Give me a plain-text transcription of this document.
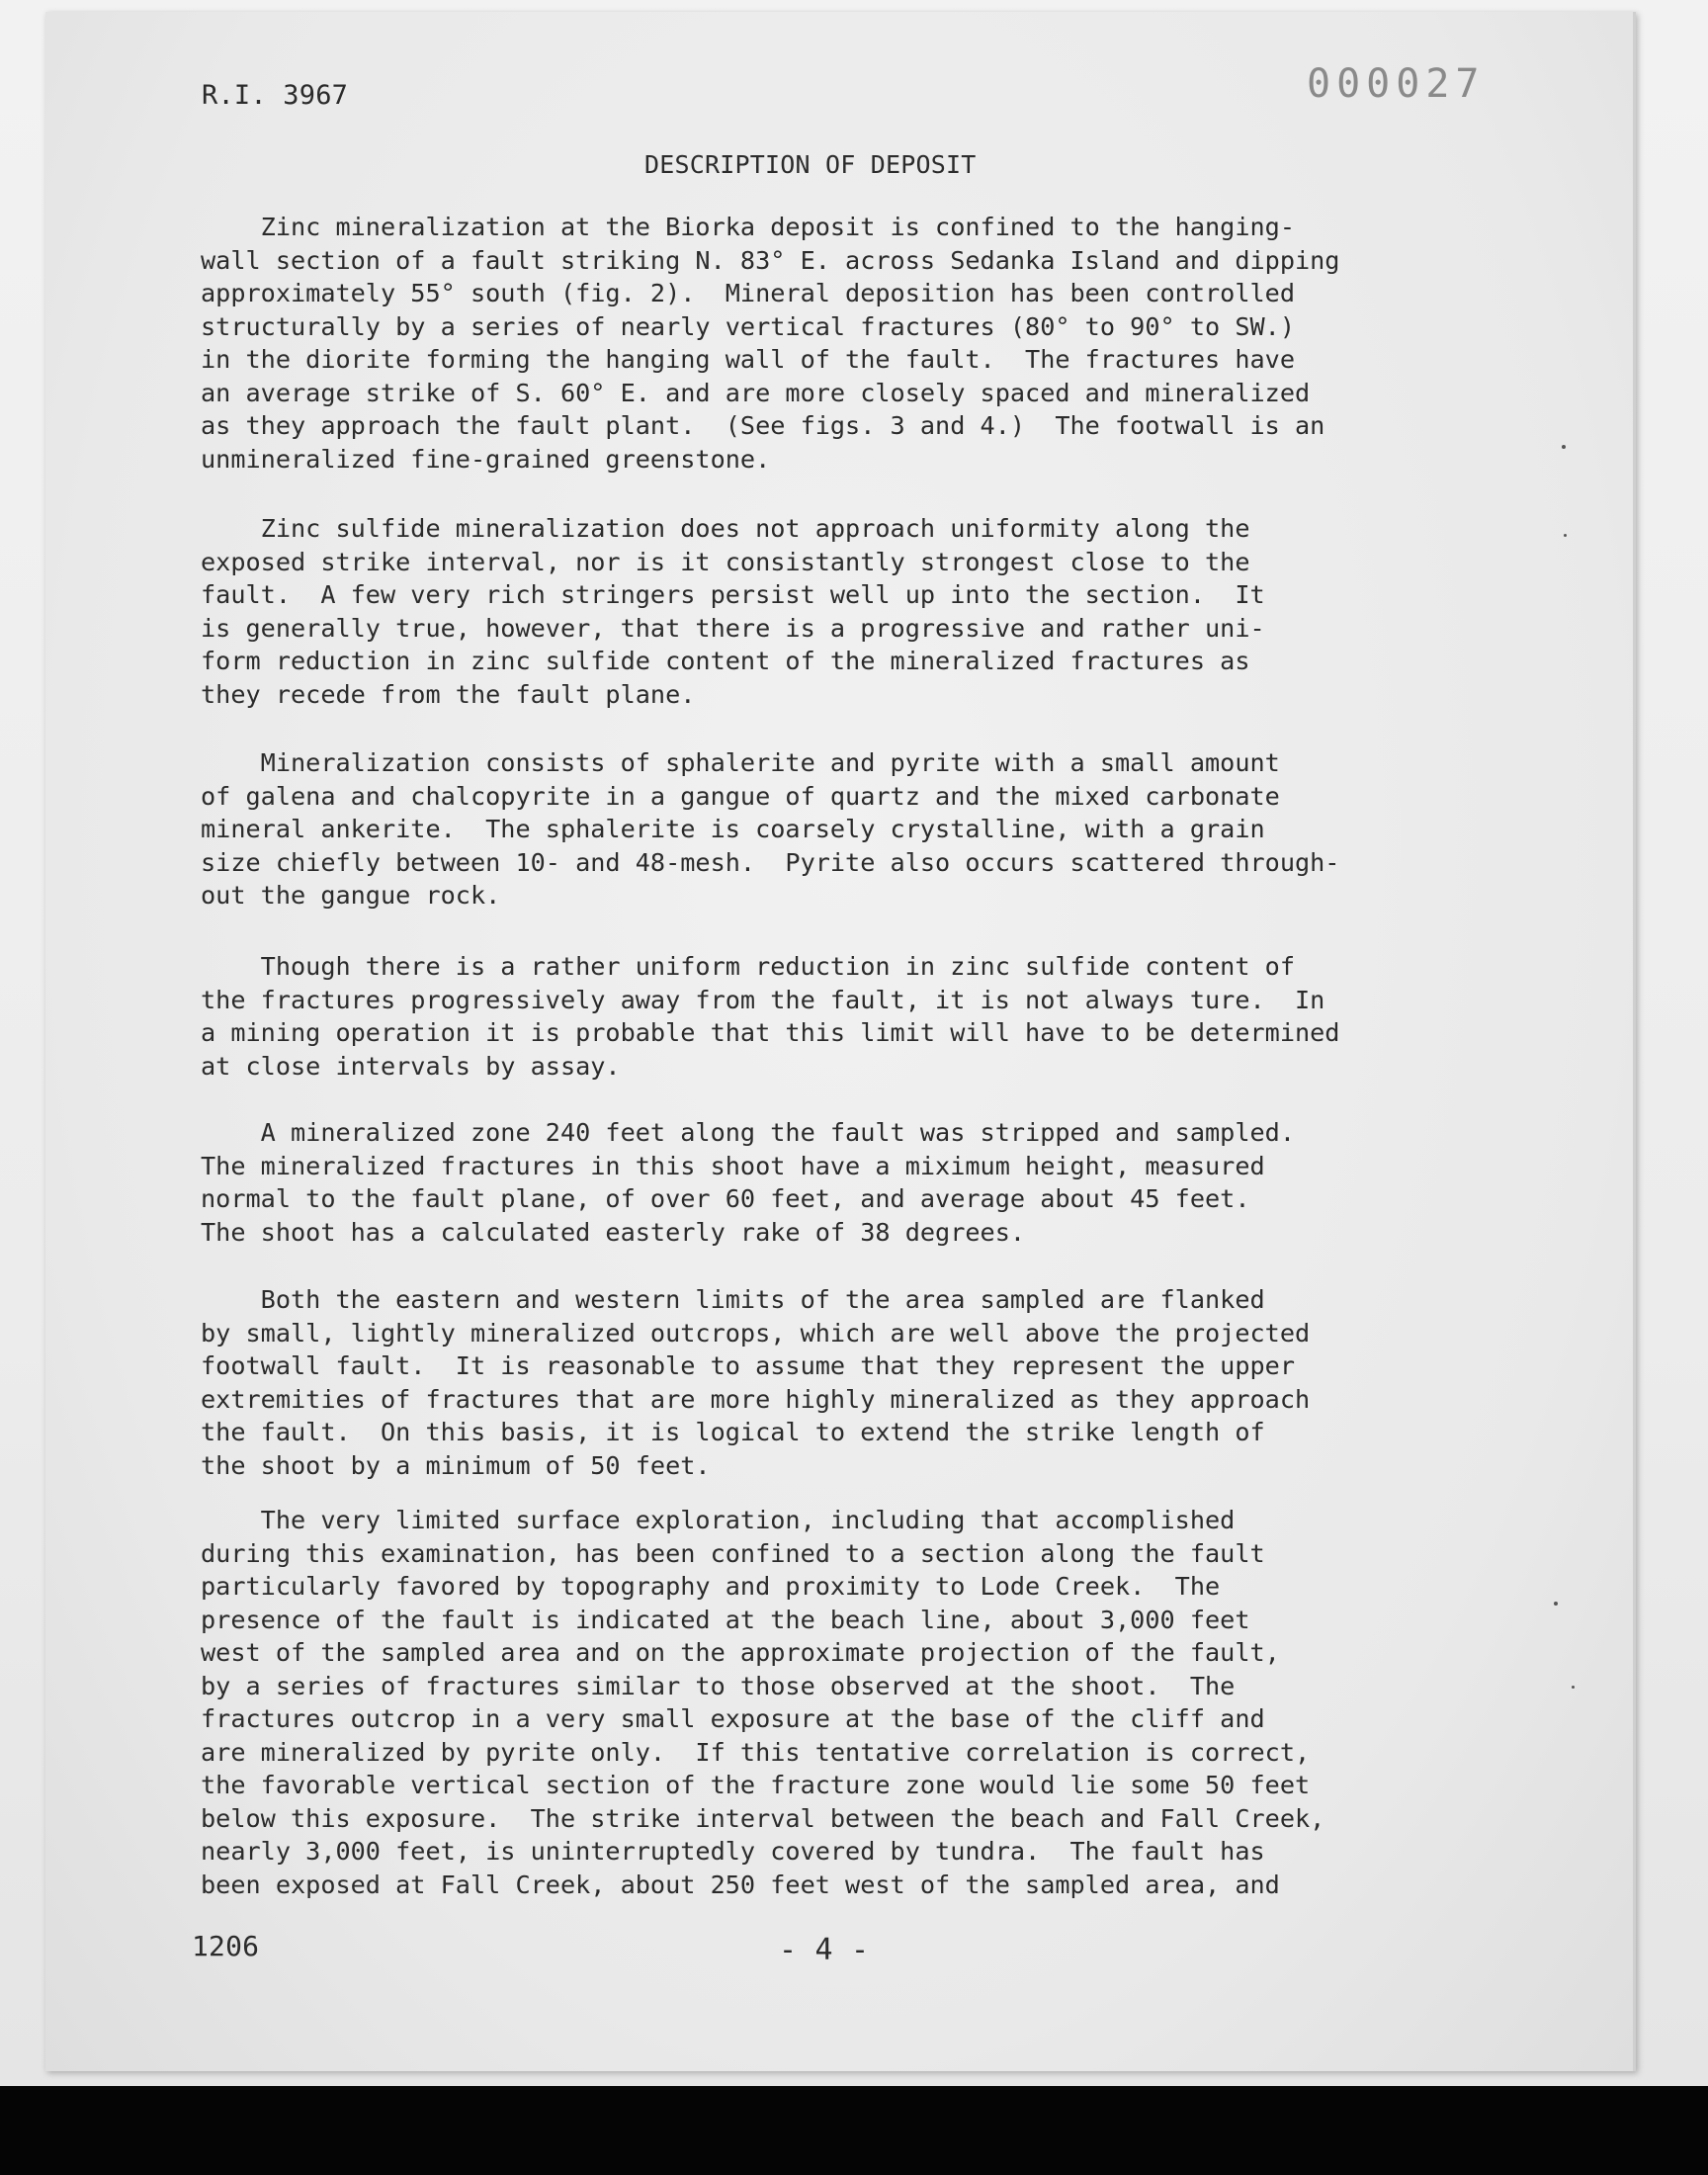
000027
R.I. 3967
DESCRIPTION OF DEPOSIT
Zinc mineralization at the Biorka deposit is confined to the hanging-
wall section of a fault striking N. 83° E. across Sedanka Island and dipping
approximately 55° south (fig. 2).  Mineral deposition has been controlled
structurally by a series of nearly vertical fractures (80° to 90° to SW.)
in the diorite forming the hanging wall of the fault.  The fractures have
an average strike of S. 60° E. and are more closely spaced and mineralized
as they approach the fault plant.  (See figs. 3 and 4.)  The footwall is an
unmineralized fine-grained greenstone.
Zinc sulfide mineralization does not approach uniformity along the
exposed strike interval, nor is it consistantly strongest close to the
fault.  A few very rich stringers persist well up into the section.  It
is generally true, however, that there is a progressive and rather uni-
form reduction in zinc sulfide content of the mineralized fractures as
they recede from the fault plane.
Mineralization consists of sphalerite and pyrite with a small amount
of galena and chalcopyrite in a gangue of quartz and the mixed carbonate
mineral ankerite.  The sphalerite is coarsely crystalline, with a grain
size chiefly between 10- and 48-mesh.  Pyrite also occurs scattered through-
out the gangue rock.
Though there is a rather uniform reduction in zinc sulfide content of
the fractures progressively away from the fault, it is not always ture.  In
a mining operation it is probable that this limit will have to be determined
at close intervals by assay.
A mineralized zone 240 feet along the fault was stripped and sampled.
The mineralized fractures in this shoot have a miximum height, measured
normal to the fault plane, of over 60 feet, and average about 45 feet.
The shoot has a calculated easterly rake of 38 degrees.
Both the eastern and western limits of the area sampled are flanked
by small, lightly mineralized outcrops, which are well above the projected
footwall fault.  It is reasonable to assume that they represent the upper
extremities of fractures that are more highly mineralized as they approach
the fault.  On this basis, it is logical to extend the strike length of
the shoot by a minimum of 50 feet.
The very limited surface exploration, including that accomplished
during this examination, has been confined to a section along the fault
particularly favored by topography and proximity to Lode Creek.  The
presence of the fault is indicated at the beach line, about 3,000 feet
west of the sampled area and on the approximate projection of the fault,
by a series of fractures similar to those observed at the shoot.  The
fractures outcrop in a very small exposure at the base of the cliff and
are mineralized by pyrite only.  If this tentative correlation is correct,
the favorable vertical section of the fracture zone would lie some 50 feet
below this exposure.  The strike interval between the beach and Fall Creek,
nearly 3,000 feet, is uninterruptedly covered by tundra.  The fault has
been exposed at Fall Creek, about 250 feet west of the sampled area, and
1206	- 4 -
